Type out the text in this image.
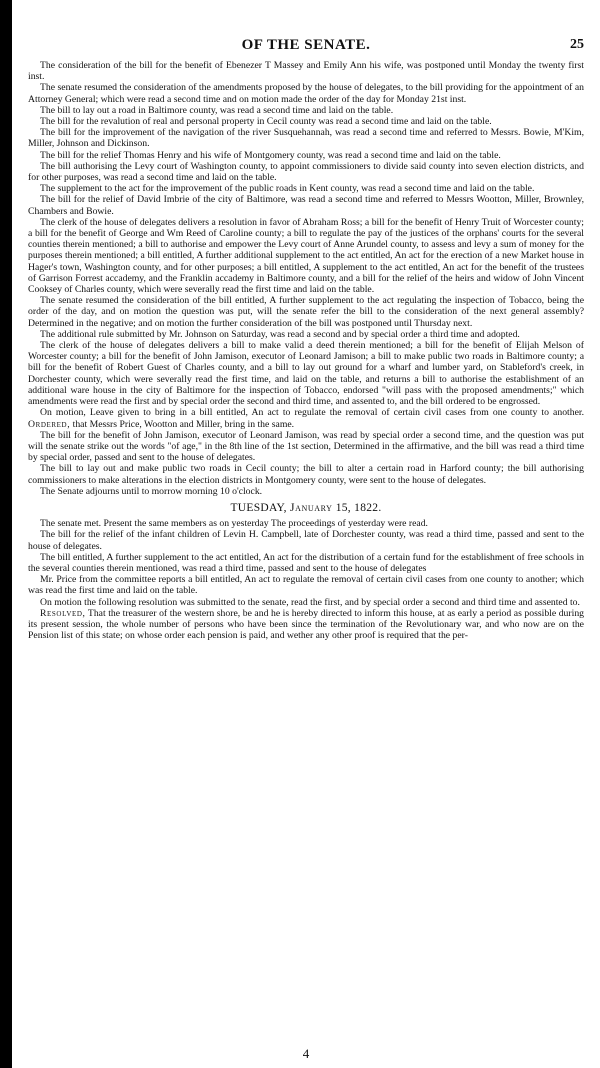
OF THE SENATE.	25

The consideration of the bill for the benefit of Ebenezer T Massey and Emily Ann his wife, was postponed until Monday the twenty first inst.

The senate resumed the consideration of the amendments proposed by the house of delegates, to the bill providing for the appointment of an Attorney General; which were read a second time and on motion made the order of the day for Monday 21st inst.

The bill to lay out a road in Baltimore county, was read a second time and laid on the table.

The bill for the revalution of real and personal property in Cecil county was read a second time and laid on the table.

The bill for the improvement of the navigation of the river Susquehannah, was read a second time and referred to Messrs. Bowie, M'Kim, Miller, Johnson and Dickinson.

The bill for the relief Thomas Henry and his wife of Montgomery county, was read a second time and laid on the table.

The bill authorising the Levy court of Washington county, to appoint commissioners to divide said county into seven election districts, and for other purposes, was read a second time and laid on the table.

The supplement to the act for the improvement of the public roads in Kent county, was read a second time and laid on the table.

The bill for the relief of David Imbrie of the city of Baltimore, was read a second time and referred to Messrs Wootton, Miller, Brownley, Chambers and Bowie.

The clerk of the house of delegates delivers a resolution in favor of Abraham Ross; a bill for the benefit of Henry Truit of Worcester county; a bill for the benefit of George and Wm Reed of Caroline county; a bill to regulate the pay of the justices of the orphans' courts for the several counties therein mentioned; a bill to authorise and empower the Levy court of Anne Arundel county, to assess and levy a sum of money for the purposes therein mentioned; a bill entitled, A further additional supplement to the act entitled, An act for the erection of a new Market house in Hager's town, Washington county, and for other purposes; a bill entitled, A supplement to the act entitled, An act for the benefit of the trustees of Garrison Forrest accademy, and the Franklin accademy in Baltimore county, and a bill for the relief of the heirs and widow of John Vincent Cooksey of Charles county, which were severally read the first time and laid on the table.

The senate resumed the consideration of the bill entitled, A further supplement to the act regulating the inspection of Tobacco, being the order of the day, and on motion the question was put, will the senate refer the bill to the consideration of the next general assembly? Determined in the negative; and on motion the further consideration of the bill was postponed until Thursday next.

The additional rule submitted by Mr. Johnson on Saturday, was read a second and by special order a third time and adopted.

The clerk of the house of delegates delivers a bill to make valid a deed therein mentioned; a bill for the benefit of Elijah Melson of Worcester county; a bill for the benefit of John Jamison, executor of Leonard Jamison; a bill to make public two roads in Baltimore county; a bill for the benefit of Robert Guest of Charles county, and a bill to lay out ground for a wharf and lumber yard, on Stableford's creek, in Dorchester county, which were severally read the first time, and laid on the table, and returns a bill to authorise the establishment of an additional ware house in the city of Baltimore for the inspection of Tobacco, endorsed "will pass with the proposed amendments;" which amendments were read the first and by special order the second and third time, and assented to, and the bill ordered to be engrossed.

On motion, Leave given to bring in a bill entitled, An act to regulate the removal of certain civil cases from one county to another. Ordered, that Messrs Price, Wootton and Miller, bring in the same.

The bill for the benefit of John Jamison, executor of Leonard Jamison, was read by special order a second time, and the question was put will the senate strike out the words "of age," in the 8th line of the 1st section, Determined in the affirmative, and the bill was read a third time by special order, passed and sent to the house of delegates.

The bill to lay out and make public two roads in Cecil county; the bill to alter a certain road in Harford county; the bill authorising commissioners to make alterations in the election districts in Montgomery county, were sent to the house of delegates.

The Senate adjourns until to morrow morning 10 o'clock.

TUESDAY, January 15, 1822.

The senate met. Present the same members as on yesterday The proceedings of yesterday were read.

The bill for the relief of the infant children of Levin H. Campbell, late of Dorchester county, was read a third time, passed and sent to the house of delegates.

The bill entitled, A further supplement to the act entitled, An act for the distribution of a certain fund for the establishment of free schools in the several counties therein mentioned, was read a third time, passed and sent to the house of delegates

Mr. Price from the committee reports a bill entitled, An act to regulate the removal of certain civil cases from one county to another; which was read the first time and laid on the table.

On motion the following resolution was submitted to the senate, read the first, and by special order a second and third time and assented to.

Resolved, That the treasurer of the western shore, be and he is hereby directed to inform this house, at as early a period as possible during its present session, the whole number of persons who have been since the termination of the Revolutionary war, and who now are on the Pension list of this state; on whose order each pension is paid, and wether any other proof is required that the per-

4
